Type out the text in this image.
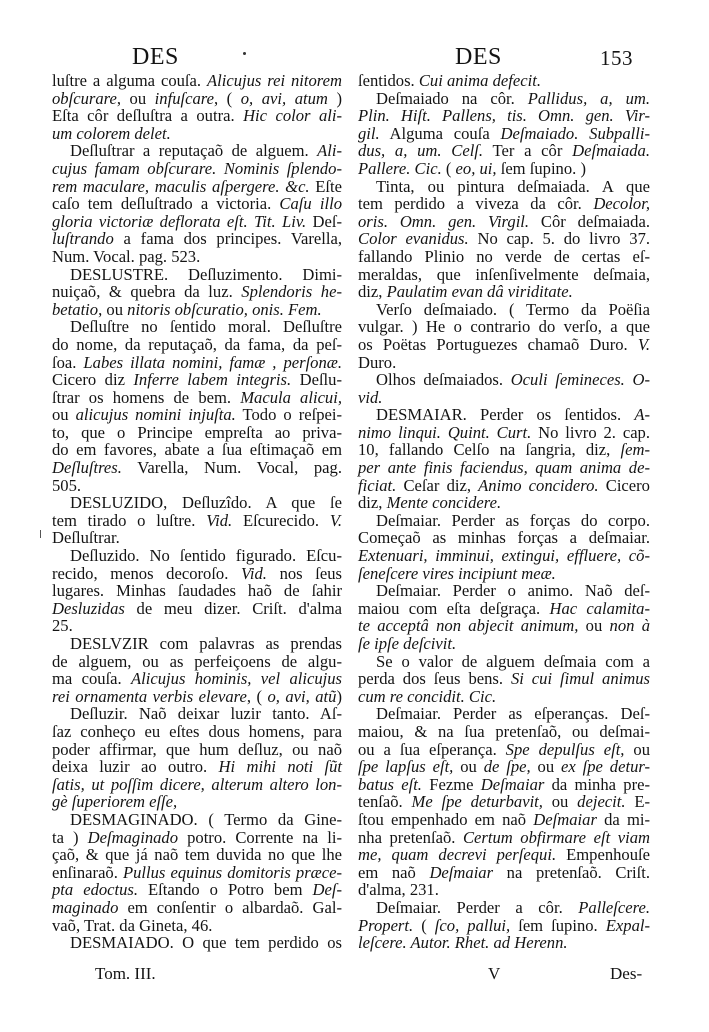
DES	DES	153
luſtre a alguma couſa. Alicujus rei nitorem
obſcurare, ou infuſcare, ( o, avi, atum )
Eſta côr deſluſtra a outra. Hic color ali-
um colorem delet.
Deſluſtrar a reputaçaõ de alguem. Ali-
cujus famam obſcurare. Nominis ſplendo-
rem maculare, maculis aſpergere. &c. Eſte
caſo tem deſluſtrado a victoria. Caſu illo
gloria victoriæ deflorata eſt. Tit. Liv. Deſ-
luſtrando a fama dos principes. Varella,
Num. Vocal. pag. 523.
DESLUSTRE. Deſluzimento. Dimi-
nuiçaõ, & quebra da luz. Splendoris he-
betatio, ou nitoris obſcuratio, onis. Fem.
Deſluſtre no ſentido moral. Deſluſtre
do nome, da reputaçaõ, da fama, da peſ-
ſoa. Labes illata nomini, famæ , perſonæ.
Cicero diz Inferre labem integris. Deſlu-
ſtrar os homens de bem. Macula alicui,
ou alicujus nomini injuſta. Todo o reſpei-
to, que o Principe empreſta ao priva-
do em favores, abate a ſua eſtimaçaõ em
Deſluſtres. Varella, Num. Vocal, pag.
505.
DESLUZIDO, Deſluzîdo. A que ſe
tem tirado o luſtre. Vid. Eſcurecido. V.
Deſluſtrar.
Deſluzido. No ſentido figurado. Eſcu-
recido, menos decoroſo. Vid. nos ſeus
lugares. Minhas ſaudades haõ de ſahir
Desluzidas de meu dizer. Criſt. d'alma
25.
DESLVZIR com palavras as prendas
de alguem, ou as perfeiçoens de algu-
ma couſa. Alicujus hominis, vel alicujus
rei ornamenta verbis elevare, ( o, avi, atũ)
Deſluzir. Naõ deixar luzir tanto. Aſ-
ſaz conheço eu eſtes dous homens, para
poder affirmar, que hum deſluz, ou naõ
deixa luzir ao outro. Hi mihi noti ſũt
ſatis, ut poſſim dicere, alterum altero lon-
gè ſuperiorem eſſe,
DESMAGINADO. ( Termo da Gine-
ta ) Deſmaginado potro. Corrente na li-
çaõ, & que já naõ tem duvida no que lhe
enſinaraõ. Pullus equinus domitoris præce-
pta edoctus. Eſtando o Potro bem Deſ-
maginado em conſentir o albardaõ. Gal-
vaõ, Trat. da Gineta, 46.
DESMAIADO. O que tem perdido os
ſentidos. Cui anima defecit.
Deſmaiado na côr. Pallidus, a, um.
Plin. Hiſt. Pallens, tis. Omn. gen. Vir-
gil. Alguma couſa Deſmaiado. Subpalli-
dus, a, um. Celſ. Ter a côr Deſmaiada.
Pallere. Cic. ( eo, ui, ſem ſupino. )
Tinta, ou pintura deſmaiada. A que
tem perdido a viveza da côr. Decolor,
oris. Omn. gen. Virgil. Côr deſmaiada.
Color evanidus. No cap. 5. do livro 37.
fallando Plinio no verde de certas eſ-
meraldas, que inſenſivelmente deſmaia,
diz, Paulatim evan dâ viriditate.
Verſo deſmaiado. ( Termo da Poëſia
vulgar. ) He o contrario do verſo, a que
os Poëtas Portuguezes chamaõ Duro. V.
Duro.
Olhos deſmaiados. Oculi ſemineces. O-
vid.
DESMAIAR. Perder os ſentidos. A-
nimo linqui. Quint. Curt. No livro 2. cap.
10, fallando Celſo na ſangria, diz, ſem-
per ante finis faciendus, quam anima de-
ficiat. Ceſar diz, Animo concidero. Cicero
diz, Mente concidere.
Deſmaiar. Perder as forças do corpo.
Começaõ as minhas forças a deſmaiar.
Extenuari, imminui, extingui, effluere, cõ-
ſeneſcere vires incipiunt meæ.
Deſmaiar. Perder o animo. Naõ deſ-
maiou com eſta deſgraça. Hac calamita-
te acceptâ non abjecit animum, ou non à
ſe ipſe deſcivit.
Se o valor de alguem deſmaia com a
perda dos ſeus bens. Si cui ſimul animus
cum re concidit. Cic.
Deſmaiar. Perder as eſperanças. Deſ-
maiou, & na ſua pretenſaõ, ou deſmai-
ou a ſua eſperança. Spe depulſus eſt, ou
ſpe lapſus eſt, ou de ſpe, ou ex ſpe detur-
batus eſt. Fezme Deſmaiar da minha pre-
tenſaõ. Me ſpe deturbavit, ou dejecit. E-
ſtou empenhado em naõ Deſmaiar da mi-
nha pretenſaõ. Certum obfirmare eſt viam
me, quam decrevi perſequi. Empenhouſe
em naõ Deſmaiar na pretenſaõ. Criſt.
d'alma, 231.
Deſmaiar. Perder a côr. Palleſcere.
Propert. ( ſco, pallui, ſem ſupino. Expal-
leſcere. Autor. Rhet. ad Herenn.
Tom. III.	V	Des-
